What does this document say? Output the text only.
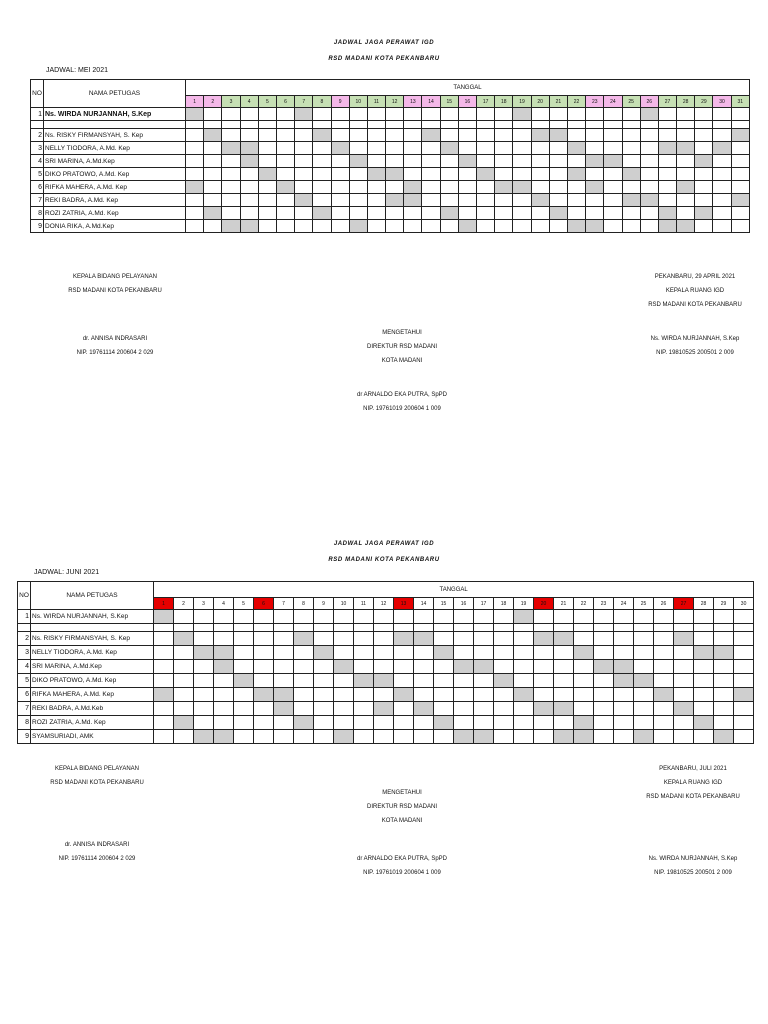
JADWAL JAGA PERAWAT IGD
RSD MADANI KOTA PEKANBARU
JADWAL: MEI 2021
NO	NAMA PETUGAS	TANGGAL																														
		1	2	3	4	5	6	7	8	9	10	11	12	13	14	15	16	17	18	19	20	21	22	23	24	25	26	27	28	29	30	31
1	Ns. WIRDA NURJANNAH, S.Kep																															

2	Ns. RISKY FIRMANSYAH, S. Kep																															
3	NELLY TIODORA, A.Md. Kep																															
4	SRI MARINA, A.Md.Kep																															
5	DIKO PRATOWO, A.Md. Kep																															
6	RIFKA MAHERA, A.Md. Kep																															
7	REKI BADRA, A.Md. Kep																															
8	ROZI ZATRIA, A.Md. Kep																															
9	DONIA RIKA, A.Md.Kep																															
KEPALA BIDANG PELAYANAN
RSD MADANI KOTA PEKANBARU
dr. ANNISA INDRASARI
NIP. 19761114 200604 2 029
MENGETAHUI
DIREKTUR RSD MADANI
KOTA MADANI
dr ARNALDO EKA PUTRA, SpPD
NIP. 19761019 200604 1 009
PEKANBARU, 29 APRIL 2021
KEPALA RUANG IGD
RSD MADANI KOTA PEKANBARU
Ns. WIRDA NURJANNAH, S.Kep
NIP. 19810525 200501 2 009
JADWAL JAGA PERAWAT IGD
RSD MADANI KOTA PEKANBARU
JADWAL: JUNI 2021
NO	NAMA PETUGAS	TANGGAL																													
		1	2	3	4	5	6	7	8	9	10	11	12	13	14	15	16	17	18	19	20	21	22	23	24	25	26	27	28	29	30
1	Ns. WIRDA NURJANNAH, S.Kep																														

2	Ns. RISKY FIRMANSYAH, S. Kep																														
3	NELLY TIODORA, A.Md. Kep																														
4	SRI MARINA, A.Md.Kep																														
5	DIKO PRATOWO, A.Md. Kep																														
6	RIFKA MAHERA, A.Md. Kep																														
7	REKI BADRA, A.Md.Keb																														
8	ROZI ZATRIA, A.Md. Kep																														
9	SYAMSURIADI, AMK																														
KEPALA BIDANG PELAYANAN
RSD MADANI KOTA PEKANBARU
dr. ANNISA INDRASARI
NIP. 19761114 200604 2 029
MENGETAHUI
DIREKTUR RSD MADANI
KOTA MADANI
dr ARNALDO EKA PUTRA, SpPD
NIP. 19761019 200604 1 009
PEKANBARU, JULI 2021
KEPALA RUANG IGD
RSD MADANI KOTA PEKANBARU
Ns. WIRDA NURJANNAH, S.Kep
NIP. 19810525 200501 2 009
